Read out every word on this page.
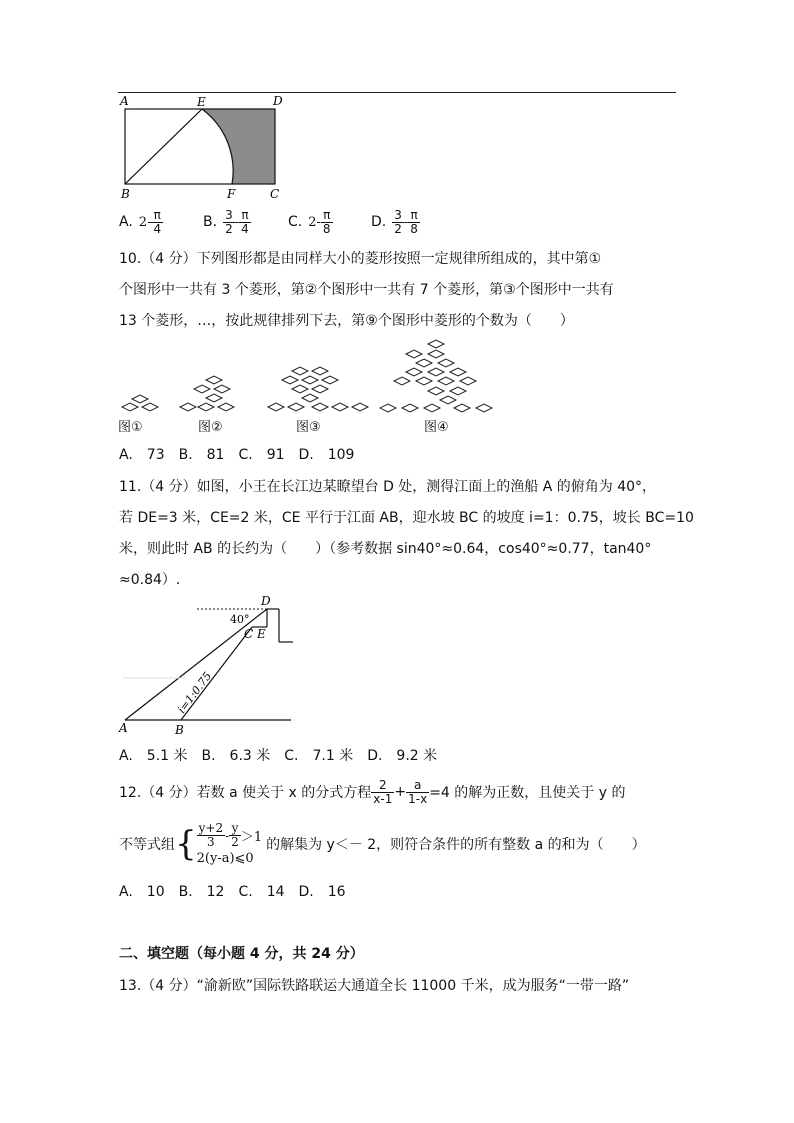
A	E	D
B	F	C
A. $2 - \frac{\pi}{4}$	B. $\frac{3}{2} - \frac{\pi}{4}$	C. $2 - \frac{\pi}{8}$	D. $\frac{3}{2} - \frac{\pi}{8}$
10.（4 分）下列图形都是由同样大小的菱形按照一定规律所组成的，其中第①
个图形中一共有 3 个菱形，第②个图形中一共有 7 个菱形，第③个图形中一共有
13 个菱形，…，按此规律排列下去，第⑨个图形中菱形的个数为（　　）
图①	图②	图③	图④
A.　73　B.　81　C.　91　D.　109
11.（4 分）如图，小王在长江边某瞭望台 D 处，测得江面上的渔船 A 的俯角为 40°，
若 DE=3 米，CE=2 米，CE 平行于江面 AB，迎水坡 BC 的坡度 i=1：0.75，坡长 BC=10
米，则此时 AB 的长约为（　　）（参考数据 sin40°≈0.64，cos40°≈0.77，tan40°
≈0.84）.
D
40°
C E
i=1:0.75
A	B
A.　5.1 米　B.　6.3 米　C.　7.1 米　D.　9.2 米
12.（4 分）若数 a 使关于 x 的分式方程 $\frac{2}{x-1} + \frac{a}{1-x} =4$ 的解为正数，且使关于 y 的
不等式组 { $\frac{y+2}{3} - \frac{y}{2} >1$
2(y-a)⩽0
的解集为 y＜－ 2，则符合条件的所有整数 a 的和为（　　）
A.　10　B.　12　C.　14　D.　16
二、填空题（每小题 4 分，共 24 分）
13.（4 分）“渝新欧”国际铁路联运大通道全长 11000 千米，成为服务“一带一路”
